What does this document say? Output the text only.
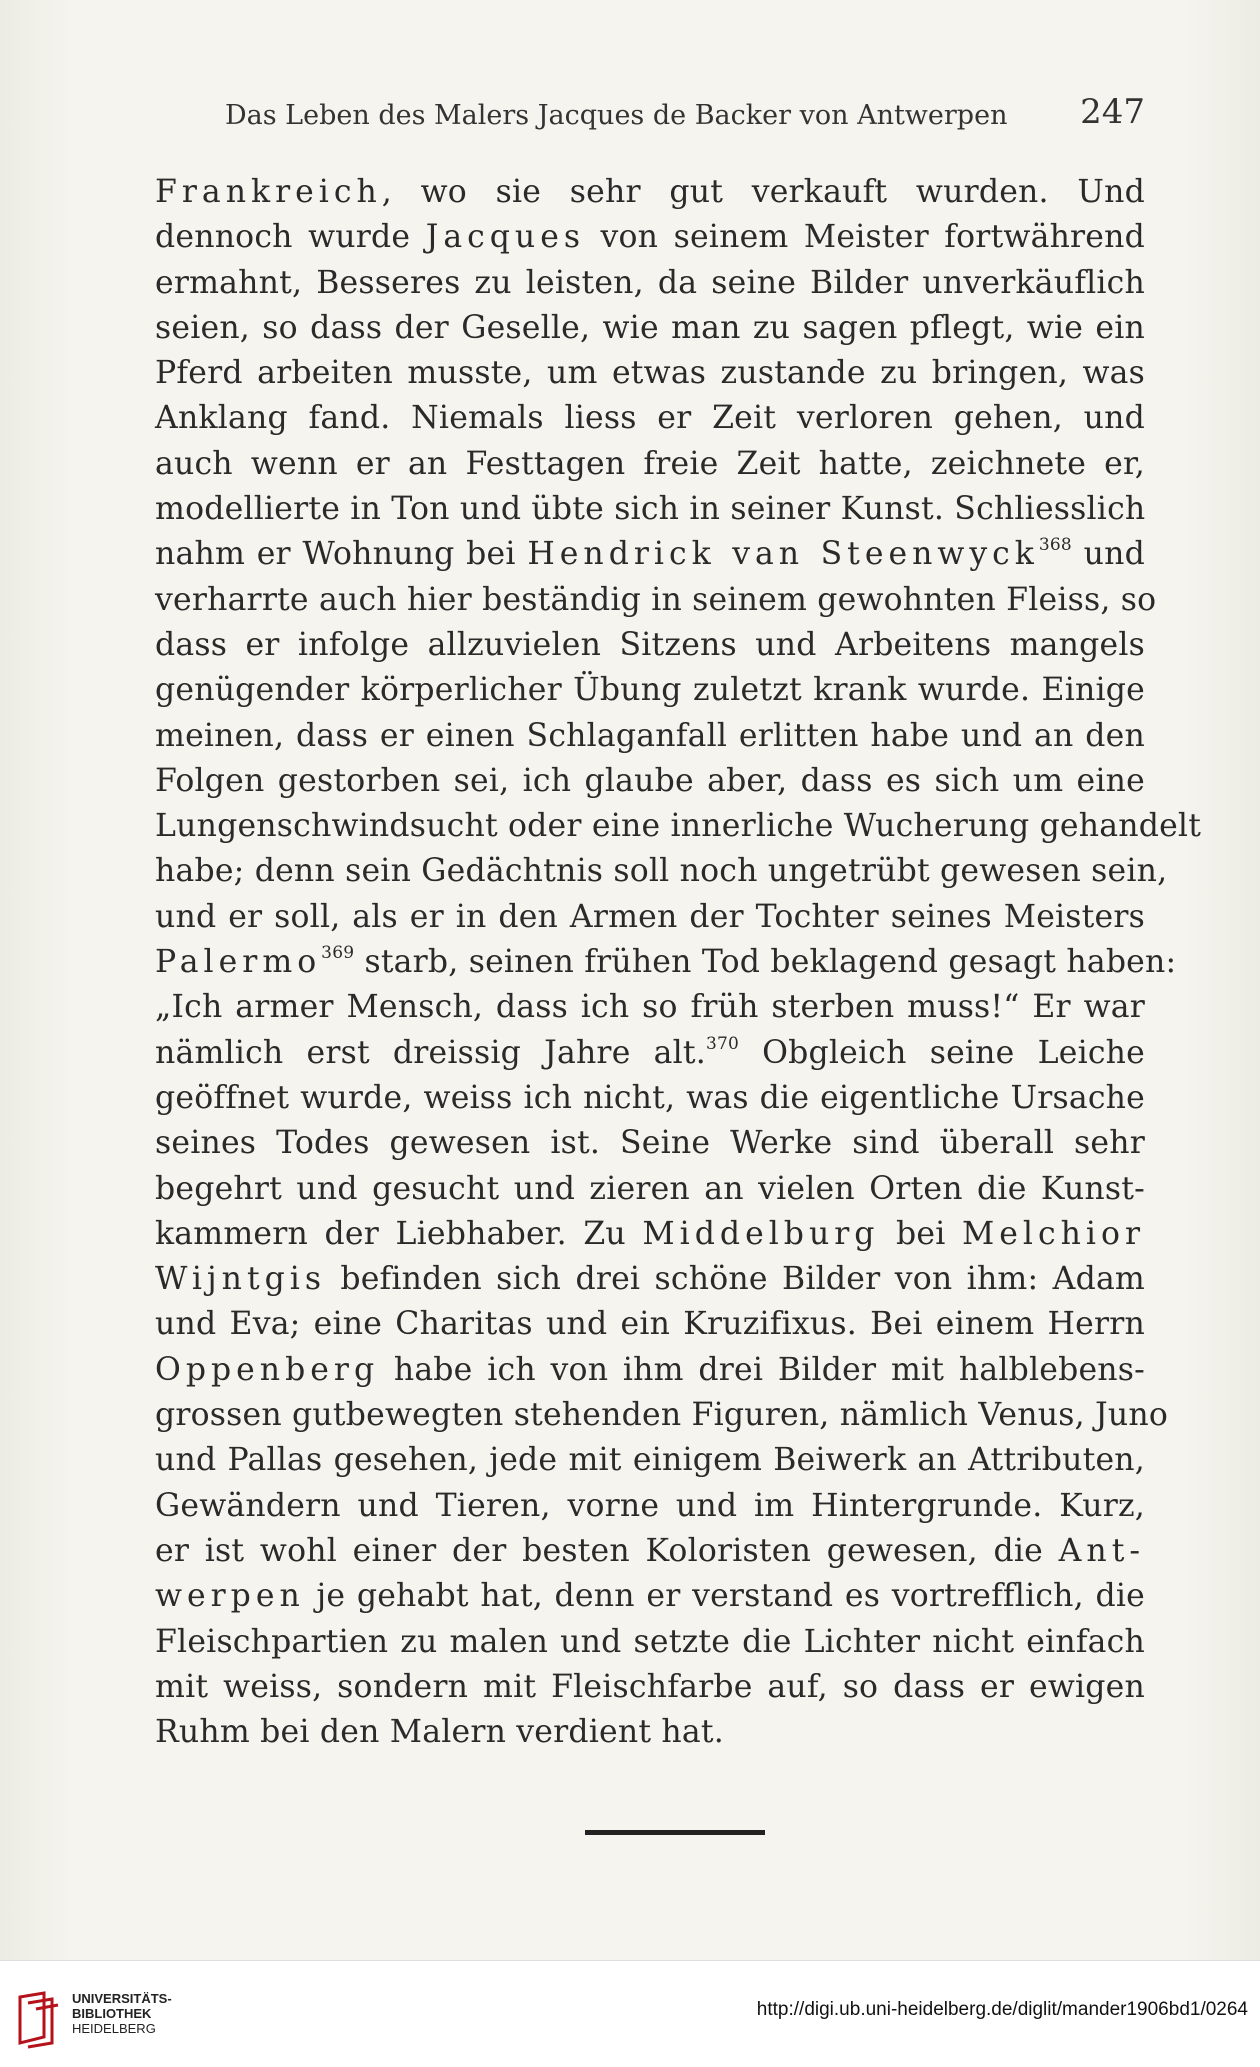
Das Leben des Malers Jacques de Backer von Antwerpen 247
Frankreich, wo sie sehr gut verkauft wurden. Und
dennoch wurde Jacques von seinem Meister fortwährend
ermahnt, Besseres zu leisten, da seine Bilder unverkäuflich
seien, so dass der Geselle, wie man zu sagen pflegt, wie ein
Pferd arbeiten musste, um etwas zustande zu bringen, was
Anklang fand. Niemals liess er Zeit verloren gehen, und
auch wenn er an Festtagen freie Zeit hatte, zeichnete er,
modellierte in Ton und übte sich in seiner Kunst. Schliesslich
nahm er Wohnung bei Hendrick van Steenwyck$^{368}$ und
verharrte auch hier beständig in seinem gewohnten Fleiss, so
dass er infolge allzuvielen Sitzens und Arbeitens mangels
genügender körperlicher Übung zuletzt krank wurde. Einige
meinen, dass er einen Schlaganfall erlitten habe und an den
Folgen gestorben sei, ich glaube aber, dass es sich um eine
Lungenschwindsucht oder eine innerliche Wucherung gehandelt
habe; denn sein Gedächtnis soll noch ungetrübt gewesen sein,
und er soll, als er in den Armen der Tochter seines Meisters
Palermo$^{369}$ starb, seinen frühen Tod beklagend gesagt haben:
„Ich armer Mensch, dass ich so früh sterben muss!“ Er war
nämlich erst dreissig Jahre alt.$^{370}$ Obgleich seine Leiche
geöffnet wurde, weiss ich nicht, was die eigentliche Ursache
seines Todes gewesen ist. Seine Werke sind überall sehr
begehrt und gesucht und zieren an vielen Orten die Kunst-
kammern der Liebhaber. Zu Middelburg bei Melchior
Wijntgis befinden sich drei schöne Bilder von ihm: Adam
und Eva; eine Charitas und ein Kruzifixus. Bei einem Herrn
Oppenberg habe ich von ihm drei Bilder mit halblebens-
grossen gutbewegten stehenden Figuren, nämlich Venus, Juno
und Pallas gesehen, jede mit einigem Beiwerk an Attributen,
Gewändern und Tieren, vorne und im Hintergrunde. Kurz,
er ist wohl einer der besten Koloristen gewesen, die Ant-
werpen je gehabt hat, denn er verstand es vortrefflich, die
Fleischpartien zu malen und setzte die Lichter nicht einfach
mit weiss, sondern mit Fleischfarbe auf, so dass er ewigen
Ruhm bei den Malern verdient hat.
UNIVERSITÄTS-
BIBLIOTHEK
HEIDELBERG
http://digi.ub.uni-heidelberg.de/diglit/mander1906bd1/0264
